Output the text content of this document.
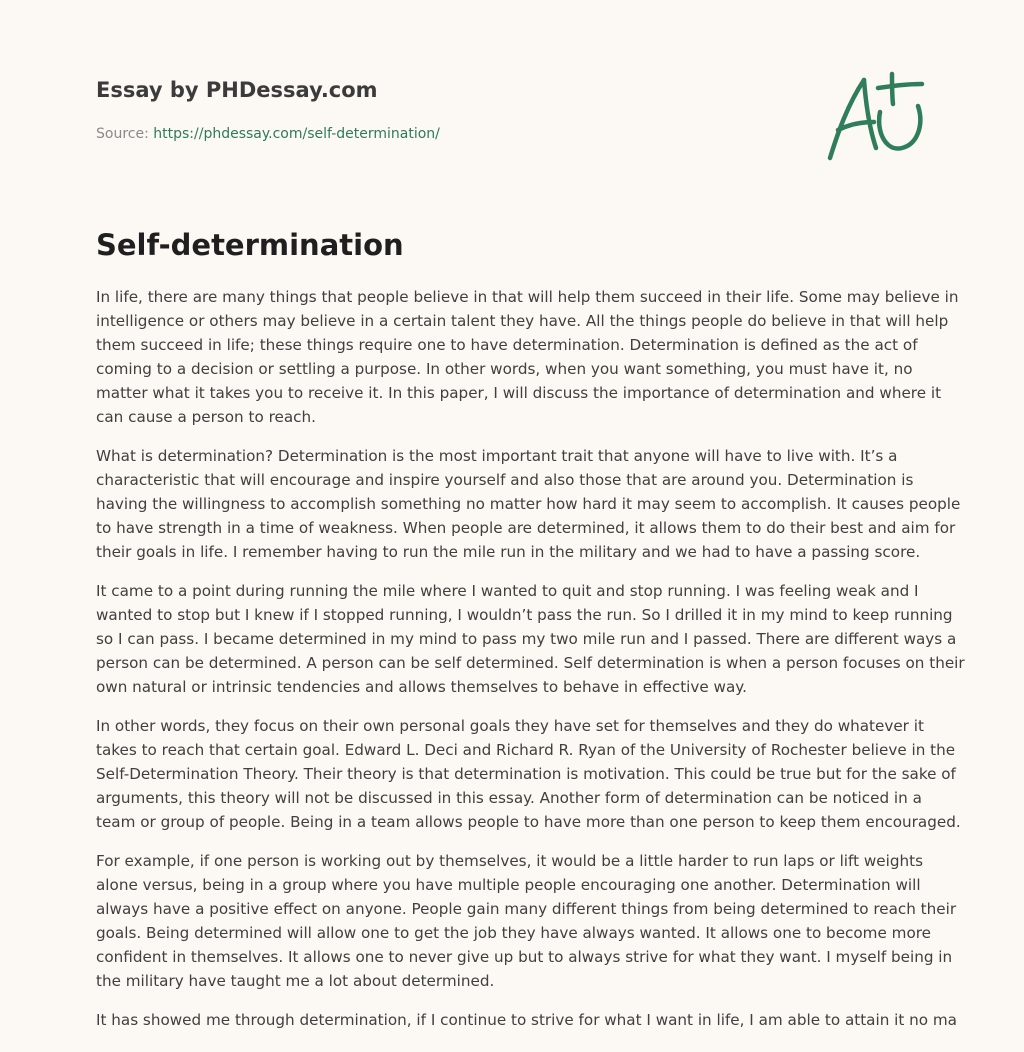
Essay by PHDessay.com
Source: https://phdessay.com/self-determination/
Self-determination

In life, there are many things that people believe in that will help them succeed in their life. Some may believe in
intelligence or others may believe in a certain talent they have. All the things people do believe in that will help
them succeed in life; these things require one to have determination. Determination is defined as the act of
coming to a decision or settling a purpose. In other words, when you want something, you must have it, no
matter what it takes you to receive it. In this paper, I will discuss the importance of determination and where it
can cause a person to reach.

What is determination? Determination is the most important trait that anyone will have to live with. It’s a
characteristic that will encourage and inspire yourself and also those that are around you. Determination is
having the willingness to accomplish something no matter how hard it may seem to accomplish. It causes people
to have strength in a time of weakness. When people are determined, it allows them to do their best and aim for
their goals in life. I remember having to run the mile run in the military and we had to have a passing score.

It came to a point during running the mile where I wanted to quit and stop running. I was feeling weak and I
wanted to stop but I knew if I stopped running, I wouldn’t pass the run. So I drilled it in my mind to keep running
so I can pass. I became determined in my mind to pass my two mile run and I passed. There are different ways a
person can be determined. A person can be self determined. Self determination is when a person focuses on their
own natural or intrinsic tendencies and allows themselves to behave in effective way.

In other words, they focus on their own personal goals they have set for themselves and they do whatever it
takes to reach that certain goal. Edward L. Deci and Richard R. Ryan of the University of Rochester believe in the
Self-Determination Theory. Their theory is that determination is motivation. This could be true but for the sake of
arguments, this theory will not be discussed in this essay. Another form of determination can be noticed in a
team or group of people. Being in a team allows people to have more than one person to keep them encouraged.

For example, if one person is working out by themselves, it would be a little harder to run laps or lift weights
alone versus, being in a group where you have multiple people encouraging one another. Determination will
always have a positive effect on anyone. People gain many different things from being determined to reach their
goals. Being determined will allow one to get the job they have always wanted. It allows one to become more
confident in themselves. It allows one to never give up but to always strive for what they want. I myself being in
the military have taught me a lot about determined.

It has showed me through determination, if I continue to strive for what I want in life, I am able to attain it no ma
